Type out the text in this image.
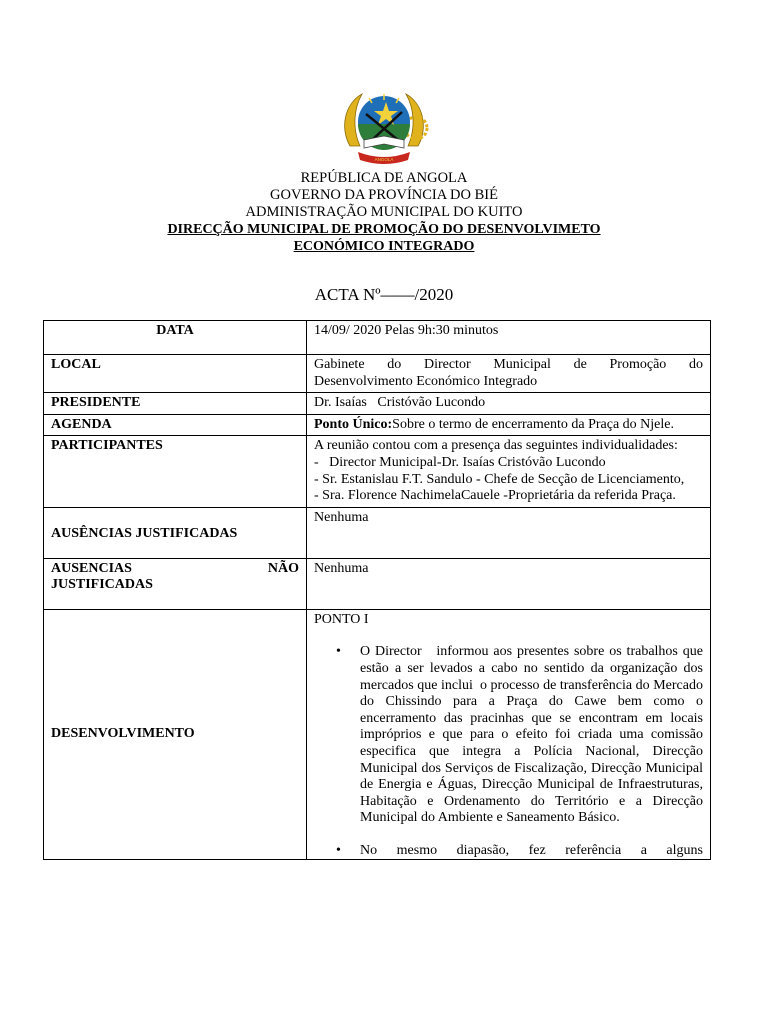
ANGOLA
REPÚBLICA DE ANGOLA
GOVERNO DA PROVÍNCIA DO BIÉ
ADMINISTRAÇÃO MUNICIPAL DO KUITO
DIRECÇÃO MUNICIPAL DE PROMOÇÃO DO DESENVOLVIMETO
ECONÓMICO INTEGRADO
ACTA Nº——/2020
DATA	14/09/ 2020 Pelas 9h:30 minutos
LOCAL	Gabinete do Director Municipal de Promoção do
Desenvolvimento Económico Integrado

PRESIDENTE	Dr. Isaías   Cristóvão Lucondo
AGENDA	Ponto Único:Sobre o termo de encerramento da Praça do Njele.
PARTICIPANTES	A reunião contou com a presença das seguintes individualidades:
-   Director Municipal-Dr. Isaías Cristóvão Lucondo
- Sr. Estanislau F.T. Sandulo - Chefe de Secção de Licenciamento,
- Sra. Florence NachimelaCauele -Proprietária da referida Praça.

AUSÊNCIAS JUSTIFICADAS	Nenhuma

AUSENCIAS NÃO
JUSTIFICADAS	Nenhuma
DESENVOLVIMENTO	PONTO I
• O Director   informou aos presentes sobre os trabalhos que estão a ser levados a cabo no sentido da organização dos mercados que inclui  o processo de transferência do Mercado do Chissindo para a Praça do Cawe bem como o encerramento das pracinhas que se encontram em locais impróprios e que para o efeito foi criada uma comissão especifica que integra a Polícia Nacional, Direcção Municipal dos Serviços de Fiscalização, Direcção Municipal de Energia e Águas, Direcção Municipal de Infraestruturas, Habitação e Ordenamento do Território e a Direcção Municipal do Ambiente e Saneamento Básico.
• No mesmo diapasão, fez referência a alguns
